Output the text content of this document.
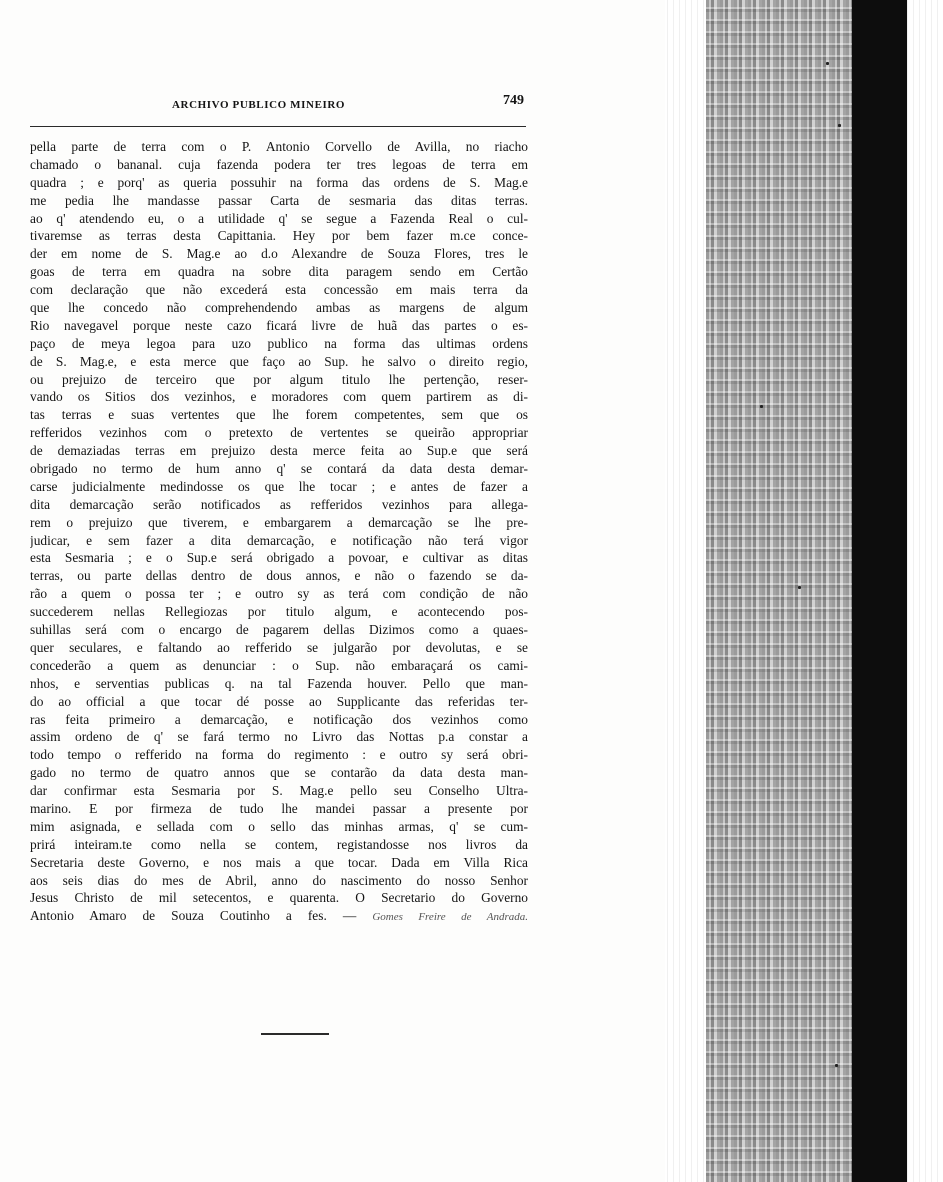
ARCHIVO PUBLICO MINEIRO	749
pella parte de terra com o P. Antonio Corvello de Avilla, no riacho
chamado o bananal. cuja fazenda podera ter tres legoas de terra em
quadra ; e porq' as queria possuhir na forma das ordens de S. Mag.e
me pedia lhe mandasse passar Carta de sesmaria das ditas terras.
ao q' atendendo eu, o a utilidade q' se segue a Fazenda Real o cul-
tivaremse as terras desta Capittania. Hey por bem fazer m.ce conce-
der em nome de S. Mag.e ao d.o Alexandre de Souza Flores, tres le
goas de terra em quadra na sobre dita paragem sendo em Certão
com declaração que não excederá esta concessão em mais terra da
que lhe concedo não comprehendendo ambas as margens de algum
Rio navegavel porque neste cazo ficará livre de huã das partes o es-
paço de meya legoa para uzo publico na forma das ultimas ordens
de S. Mag.e, e esta merce que faço ao Sup. he salvo o direito regio,
ou prejuizo de terceiro que por algum titulo lhe pertenção, reser-
vando os Sitios dos vezinhos, e moradores com quem partirem as di-
tas terras e suas vertentes que lhe forem competentes, sem que os
refferidos vezinhos com o pretexto de vertentes se queirão appropriar
de demaziadas terras em prejuizo desta merce feita ao Sup.e que será
obrigado no termo de hum anno q' se contará da data desta demar-
carse judicialmente medindosse os que lhe tocar ; e antes de fazer a
dita demarcação serão notificados as refferidos vezinhos para allega-
rem o prejuizo que tiverem, e embargarem a demarcação se lhe pre-
judicar, e sem fazer a dita demarcação, e notificação não terá vigor
esta Sesmaria ; e o Sup.e será obrigado a povoar, e cultivar as ditas
terras, ou parte dellas dentro de dous annos, e não o fazendo se da-
rão a quem o possa ter ; e outro sy as terá com condição de não
succederem nellas Rellegiozas por titulo algum, e acontecendo pos-
suhillas será com o encargo de pagarem dellas Dizimos como a quaes-
quer seculares, e faltando ao refferido se julgarão por devolutas, e se
concederão a quem as denunciar : o Sup. não embaraçará os cami-
nhos, e serventias publicas q. na tal Fazenda houver. Pello que man-
do ao official a que tocar dé posse ao Supplicante das referidas ter-
ras feita primeiro a demarcação, e notificação dos vezinhos como
assim ordeno de q' se fará termo no Livro das Nottas p.a constar a
todo tempo o refferido na forma do regimento : e outro sy será obri-
gado no termo de quatro annos que se contarão da data desta man-
dar confirmar esta Sesmaria por S. Mag.e pello seu Conselho Ultra-
marino. E por firmeza de tudo lhe mandei passar a presente por
mim asignada, e sellada com o sello das minhas armas, q' se cum-
prirá inteiram.te como nella se contem, registandosse nos livros da
Secretaria deste Governo, e nos mais a que tocar. Dada em Villa Rica
aos seis dias do mes de Abril, anno do nascimento do nosso Senhor
Jesus Christo de mil setecentos, e quarenta. O Secretario do Governo
Antonio Amaro de Souza Coutinho a fes. — Gomes Freire de Andrada.
